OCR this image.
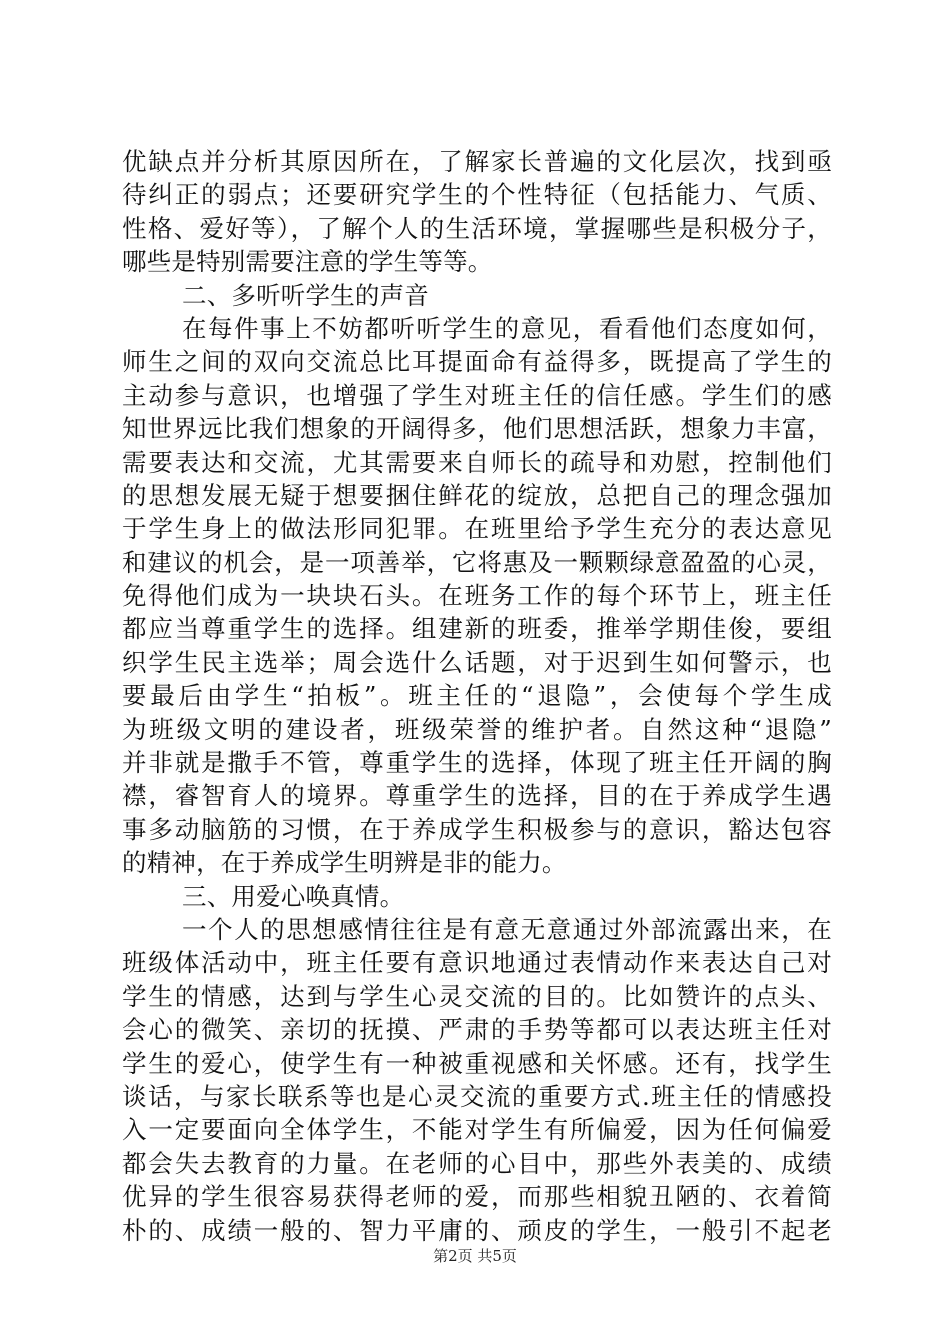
优缺点并分析其原因所在，了解家长普遍的文化层次，找到亟
待纠正的弱点；还要研究学生的个性特征（包括能力、气质、
性格、爱好等），了解个人的生活环境，掌握哪些是积极分子，
哪些是特别需要注意的学生等等。
二、多听听学生的声音
在每件事上不妨都听听学生的意见，看看他们态度如何，
师生之间的双向交流总比耳提面命有益得多，既提高了学生的
主动参与意识，也增强了学生对班主任的信任感。学生们的感
知世界远比我们想象的开阔得多，他们思想活跃，想象力丰富，
需要表达和交流，尤其需要来自师长的疏导和劝慰，控制他们
的思想发展无疑于想要捆住鲜花的绽放，总把自己的理念强加
于学生身上的做法形同犯罪。在班里给予学生充分的表达意见
和建议的机会，是一项善举，它将惠及一颗颗绿意盈盈的心灵，
免得他们成为一块块石头。在班务工作的每个环节上，班主任
都应当尊重学生的选择。组建新的班委，推举学期佳俊，要组
织学生民主选举；周会选什么话题，对于迟到生如何警示，也
要最后由学生“拍板”。班主任的“退隐”，会使每个学生成
为班级文明的建设者，班级荣誉的维护者。自然这种“退隐”
并非就是撒手不管，尊重学生的选择，体现了班主任开阔的胸
襟，睿智育人的境界。尊重学生的选择，目的在于养成学生遇
事多动脑筋的习惯，在于养成学生积极参与的意识，豁达包容
的精神，在于养成学生明辨是非的能力。
三、用爱心唤真情。
一个人的思想感情往往是有意无意通过外部流露出来，在
班级体活动中，班主任要有意识地通过表情动作来表达自己对
学生的情感，达到与学生心灵交流的目的。比如赞许的点头、
会心的微笑、亲切的抚摸、严肃的手势等都可以表达班主任对
学生的爱心，使学生有一种被重视感和关怀感。还有，找学生
谈话，与家长联系等也是心灵交流的重要方式.班主任的情感投
入一定要面向全体学生，不能对学生有所偏爱，因为任何偏爱
都会失去教育的力量。在老师的心目中，那些外表美的、成绩
优异的学生很容易获得老师的爱，而那些相貌丑陋的、衣着简
朴的、成绩一般的、智力平庸的、顽皮的学生，一般引不起老
第2页 共5页
